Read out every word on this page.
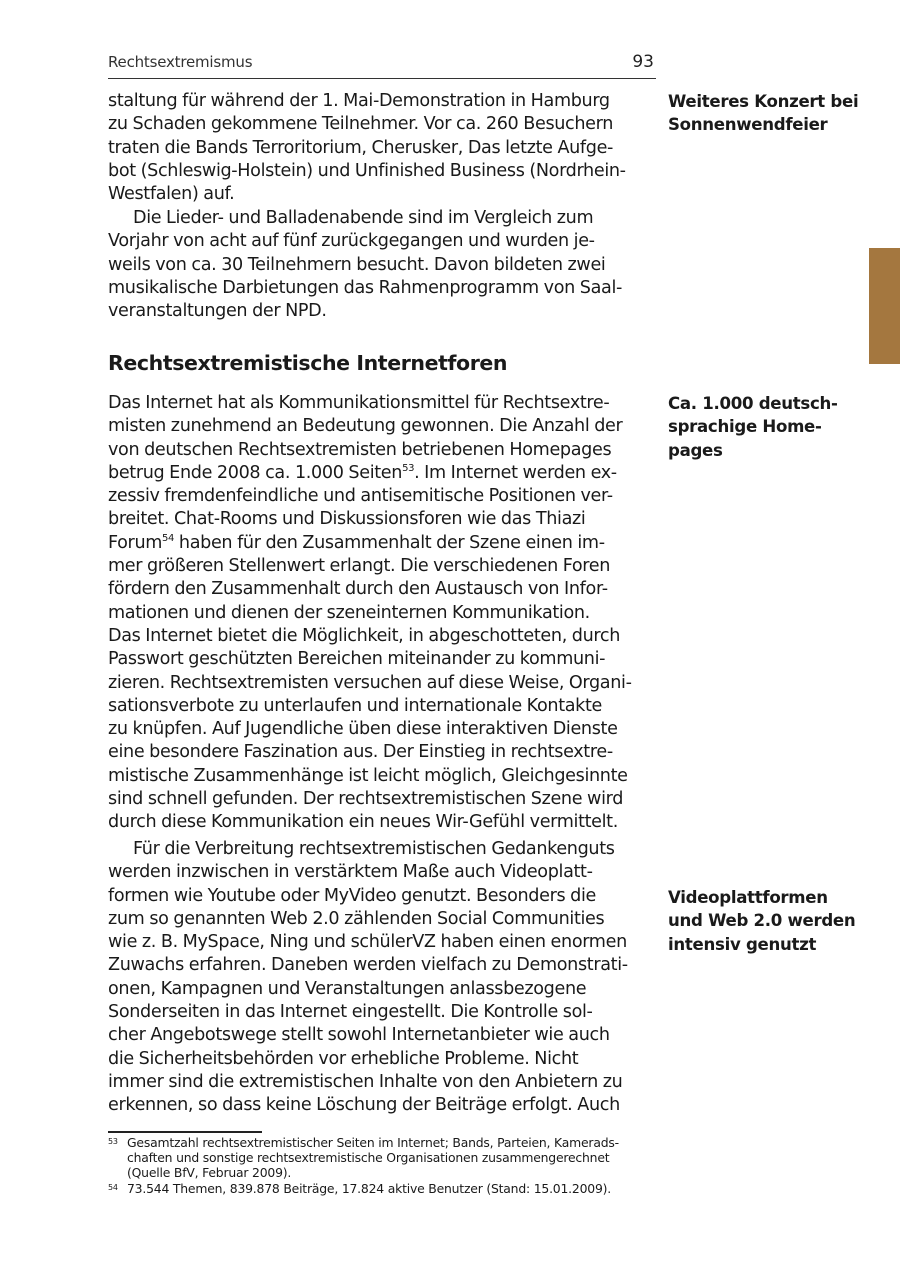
Rechtsextremismus	93

staltung für während der 1. Mai-Demonstration in Hamburg
zu Schaden gekommene Teilnehmer. Vor ca. 260 Besuchern
traten die Bands Terroritorium, Cherusker, Das letzte Aufge-
bot (Schleswig-Holstein) und Unfinished Business (Nordrhein-
Westfalen) auf.

Die Lieder- und Balladenabende sind im Vergleich zum
Vorjahr von acht auf fünf zurückgegangen und wurden je-
weils von ca. 30 Teilnehmern besucht. Davon bildeten zwei
musikalische Darbietungen das Rahmenprogramm von Saal-
veranstaltungen der NPD.

Rechtsextremistische Internetforen

Das Internet hat als Kommunikationsmittel für Rechtsextre-
misten zunehmend an Bedeutung gewonnen. Die Anzahl der
von deutschen Rechtsextremisten betriebenen Homepages
betrug Ende 2008 ca. 1.000 Seiten$^{53}$. Im Internet werden ex-
zessiv fremdenfeindliche und antisemitische Positionen ver-
breitet. Chat-Rooms und Diskussionsforen wie das Thiazi
Forum$^{54}$ haben für den Zusammenhalt der Szene einen im-
mer größeren Stellenwert erlangt. Die verschiedenen Foren
fördern den Zusammenhalt durch den Austausch von Infor-
mationen und dienen der szeneinternen Kommunikation.
Das Internet bietet die Möglichkeit, in abgeschotteten, durch
Passwort geschützten Bereichen miteinander zu kommuni-
zieren. Rechtsextremisten versuchen auf diese Weise, Organi-
sationsverbote zu unterlaufen und internationale Kontakte
zu knüpfen. Auf Jugendliche üben diese interaktiven Dienste
eine besondere Faszination aus. Der Einstieg in rechtsextre-
mistische Zusammenhänge ist leicht möglich, Gleichgesinnte
sind schnell gefunden. Der rechtsextremistischen Szene wird
durch diese Kommunikation ein neues Wir-Gefühl vermittelt.

Für die Verbreitung rechtsextremistischen Gedankenguts
werden inzwischen in verstärktem Maße auch Videoplatt-
formen wie Youtube oder MyVideo genutzt. Besonders die
zum so genannten Web 2.0 zählenden Social Communities
wie z. B. MySpace, Ning und schülerVZ haben einen enormen
Zuwachs erfahren. Daneben werden vielfach zu Demonstrati-
onen, Kampagnen und Veranstaltungen anlassbezogene
Sonderseiten in das Internet eingestellt. Die Kontrolle sol-
cher Angebotswege stellt sowohl Internetanbieter wie auch
die Sicherheitsbehörden vor erhebliche Probleme. Nicht
immer sind die extremistischen Inhalte von den Anbietern zu
erkennen, so dass keine Löschung der Beiträge erfolgt. Auch

Weiteres Konzert bei
Sonnenwendfeier
Ca. 1.000 deutsch-
sprachige Home-
pages
Videoplattformen
und Web 2.0 werden
intensiv genutzt
53 Gesamtzahl rechtsextremistischer Seiten im Internet; Bands, Parteien, Kamerads-
chaften und sonstige rechtsextremistische Organisationen zusammengerechnet
(Quelle BfV, Februar 2009).
54 73.544 Themen, 839.878 Beiträge, 17.824 aktive Benutzer (Stand: 15.01.2009).
